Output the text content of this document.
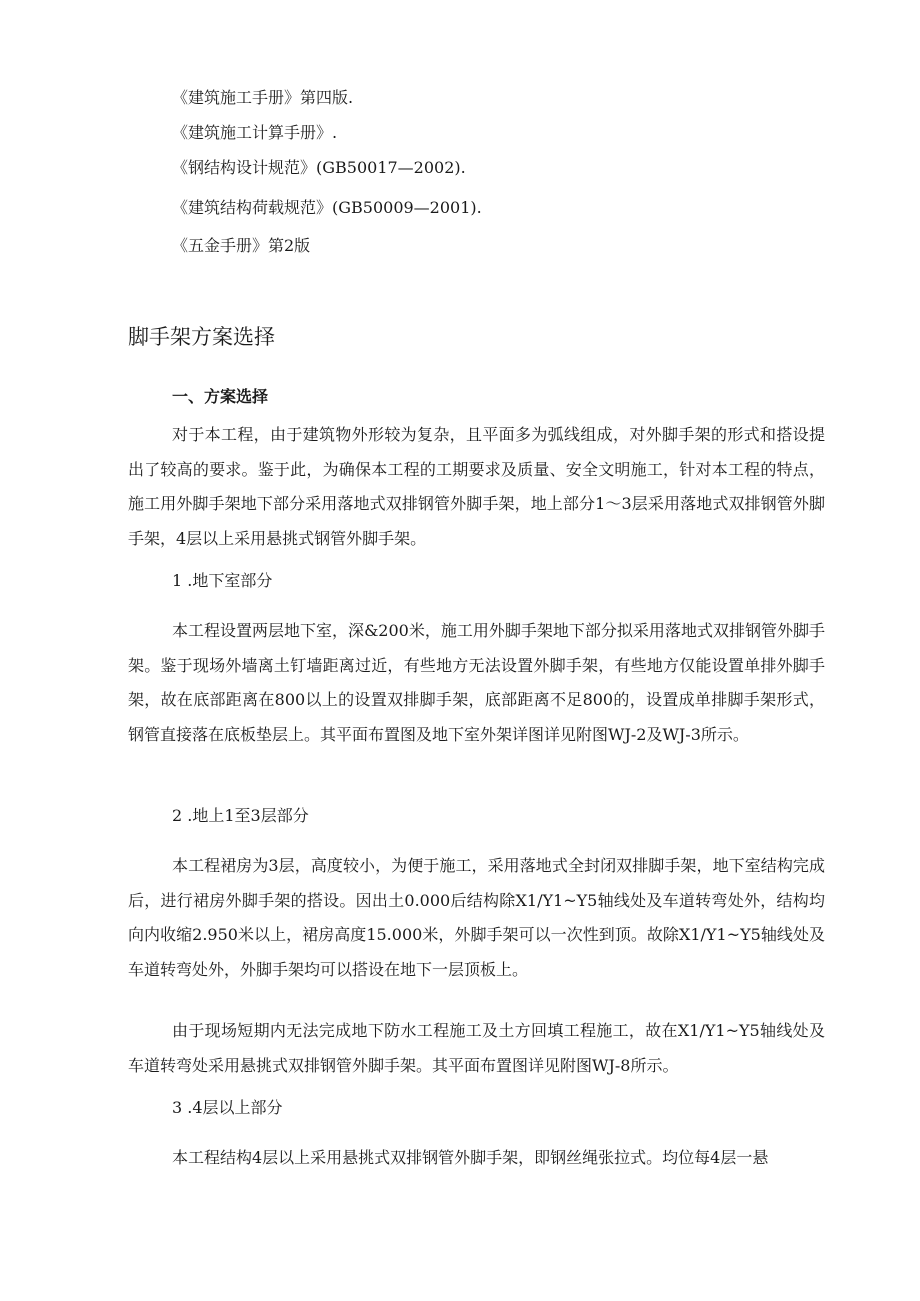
《建筑施工手册》第四版.
《建筑施工计算手册》.
《钢结构设计规范》(GB50017—2002).
《建筑结构荷载规范》(GB50009—2001).
《五金手册》第2版
脚手架方案选择
一、方案选择

对于本工程，由于建筑物外形较为复杂，且平面多为弧线组成，对外脚手架的形式和搭设提出了较高的要求。鉴于此，为确保本工程的工期要求及质量、安全文明施工，针对本工程的特点，施工用外脚手架地下部分采用落地式双排钢管外脚手架，地上部分1～3层采用落地式双排钢管外脚手架，4层以上采用悬挑式钢管外脚手架。

1 .地下室部分

本工程设置两层地下室，深&200米，施工用外脚手架地下部分拟采用落地式双排钢管外脚手架。鉴于现场外墙离土钉墙距离过近，有些地方无法设置外脚手架，有些地方仅能设置单排外脚手架，故在底部距离在800以上的设置双排脚手架，底部距离不足800的，设置成单排脚手架形式，钢管直接落在底板垫层上。其平面布置图及地下室外架详图详见附图WJ-2及WJ-3所示。

2 .地上1至3层部分

本工程裙房为3层，高度较小，为便于施工，采用落地式全封闭双排脚手架，地下室结构完成后，进行裙房外脚手架的搭设。因出土0.000后结构除X1/Y1~Y5轴线处及车道转弯处外，结构均向内收缩2.950米以上，裙房高度15.000米，外脚手架可以一次性到顶。故除X1/Y1~Y5轴线处及车道转弯处外，外脚手架均可以搭设在地下一层顶板上。

由于现场短期内无法完成地下防水工程施工及土方回填工程施工，故在X1/Y1~Y5轴线处及车道转弯处采用悬挑式双排钢管外脚手架。其平面布置图详见附图WJ-8所示。

3 .4层以上部分

本工程结构4层以上采用悬挑式双排钢管外脚手架，即钢丝绳张拉式。均位每4层一悬
